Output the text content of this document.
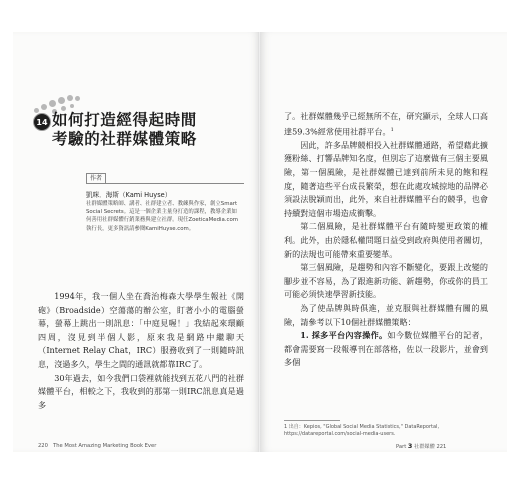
14 如何打造經得起時間
考驗的社群媒體策略
作者
凱咪．海斯（Kami Huyse）
社群媒體策略師、講者、社群建立者、教練與作家，創立Smart Social Secrets。這是一個企業主量身打造的課程，教導企業如何善用社群媒體行銷業務與建立社群。現任ZoeticaMedia.com執行長，更多資訊請參閱KamiHuyse.com。

1994年，我一個人坐在喬治梅森大學學生報社《開砲》（Broadside）空蕩蕩的辦公室，盯著小小的電腦螢幕，螢幕上跳出一則訊息：「中庭見喔！」我結起來環顧四周，沒見到半個人影，原來我是網路中繼聊天（Internet Relay Chat，IRC）服務收到了一則隨時訊息，沒過多久，學生之間的通訊就都靠IRC了。

30年過去，如今我們口袋裡就能找到五花八門的社群媒體平台，相較之下，我收到的那第一則IRC訊息真是過多

220　The Most Amazing Marketing Book Ever

了。社群媒體幾乎已經無所不在，研究顯示，全球人口高達59.3%經常使用社群平台。$^1$

因此，許多品牌競相投入社群媒體通路，希望藉此擴獲粉絲、打響品牌知名度，但別忘了這麼做有三個主要風險，第一個風險，是社群媒體已達到前所未見的飽和程度，隨著這些平台成長繁榮，想在此處攻城掠地的品牌必須設法脫穎而出，此外，來自社群媒體平台的競爭，也會持續對這個市場造成衝擊。

第二個風險，是社群媒體平台有隨時變更政策的權利。此外，由於隱私權問題日益受到政府與使用者關切，新的法規也可能帶來重要變革。

第三個風險，是趨勢和內容不斷變化，要跟上改變的腳步並不容易，為了跟進新功能、新趨勢，你或你的員工可能必須快速學習新技能。

為了使品牌與時俱進，並克服與社群媒體有關的風險，請參考以下10個社群媒體策略：

1. 採多平台內容操作。如今數位媒體平台的記者，都會需要寫一段報導刊在部落格，佐以一段影片，並會到多個

1 出自：Kepios, "Global Social Media Statistics," DataReportal, https://datareportal.com/social-media-users.
Part 3 社群媒體 221
